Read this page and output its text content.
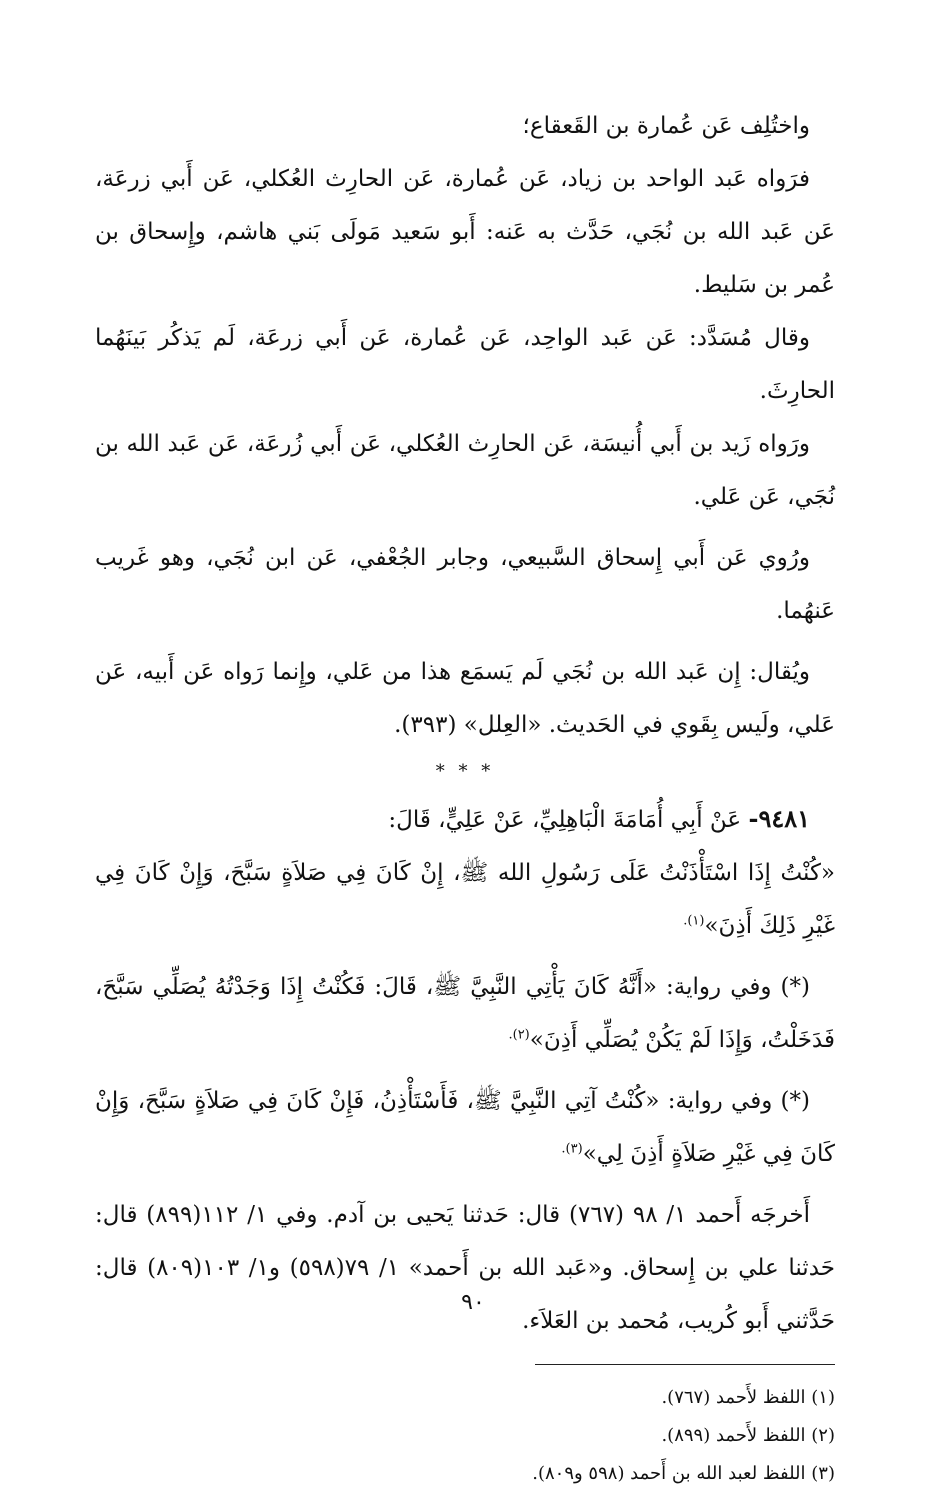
واختُلِف عَن عُمارة بن القَعقاع؛

فرَواه عَبد الواحد بن زياد، عَن عُمارة، عَن الحارِث العُكلي، عَن أَبي زرعَة، عَن عَبد الله بن نُجَي، حَدَّث به عَنه: أَبو سَعيد مَولَى بَني هاشم، وإِسحاق بن عُمر بن سَليط.

وقال مُسَدَّد: عَن عَبد الواحِد، عَن عُمارة، عَن أَبي زرعَة، لَم يَذكُر بَينَهُما الحارِثَ.

ورَواه زَيد بن أَبي أُنيسَة، عَن الحارِث العُكلي، عَن أَبي زُرعَة، عَن عَبد الله بن نُجَي، عَن عَلي.

ورُوي عَن أَبي إِسحاق السَّبيعي، وجابر الجُعْفي، عَن ابن نُجَي، وهو غَريب عَنهُما.

ويُقال: إِن عَبد الله بن نُجَي لَم يَسمَع هذا من عَلي، وإِنما رَواه عَن أَبيه، عَن عَلي، ولَيس بِقَوي في الحَديث. «العِلل» (٣٩٣).

* * *

٩٤٨١- عَنْ أَبِي أُمَامَةَ الْبَاهِلِيِّ، عَنْ عَلِيٍّ، قَالَ:

«كُنْتُ إِذَا اسْتَأْذَنْتُ عَلَى رَسُولِ الله ﷺ، إِنْ كَانَ فِي صَلاَةٍ سَبَّحَ، وَإِنْ كَانَ فِي غَيْرِ ذَلِكَ أَذِنَ»$^{(١).}$

(*) وفي رواية: «أَنَّهُ كَانَ يَأْتِي النَّبِيَّ ﷺ، قَالَ: فَكُنْتُ إِذَا وَجَدْتُهُ يُصَلِّي سَبَّحَ، فَدَخَلْتُ، وَإِذَا لَمْ يَكُنْ يُصَلِّي أَذِنَ»$^{(٢).}$

(*) وفي رواية: «كُنْتُ آتِي النَّبِيَّ ﷺ، فَأَسْتَأْذِنُ، فَإِنْ كَانَ فِي صَلاَةٍ سَبَّحَ، وَإِنْ كَانَ فِي غَيْرِ صَلاَةٍ أَذِنَ لِي»$^{(٣).}$

أَخرجَه أَحمد ١/ ٩٨ (٧٦٧) قال: حَدثنا يَحيى بن آدم. وفي ١/ ١١٢(٨٩٩) قال: حَدثنا علي بن إِسحاق. و«عَبد الله بن أَحمد» ١/ ٧٩(٥٩٨) و١/ ١٠٣(٨٠٩) قال: حَدَّثني أَبو كُريب، مُحمد بن العَلاَء.

(١) اللفظ لأَحمد (٧٦٧).
(٢) اللفظ لأَحمد (٨٩٩).
(٣) اللفظ لعبد الله بن أَحمد (٥٩٨ و٨٠٩).
٩٠
